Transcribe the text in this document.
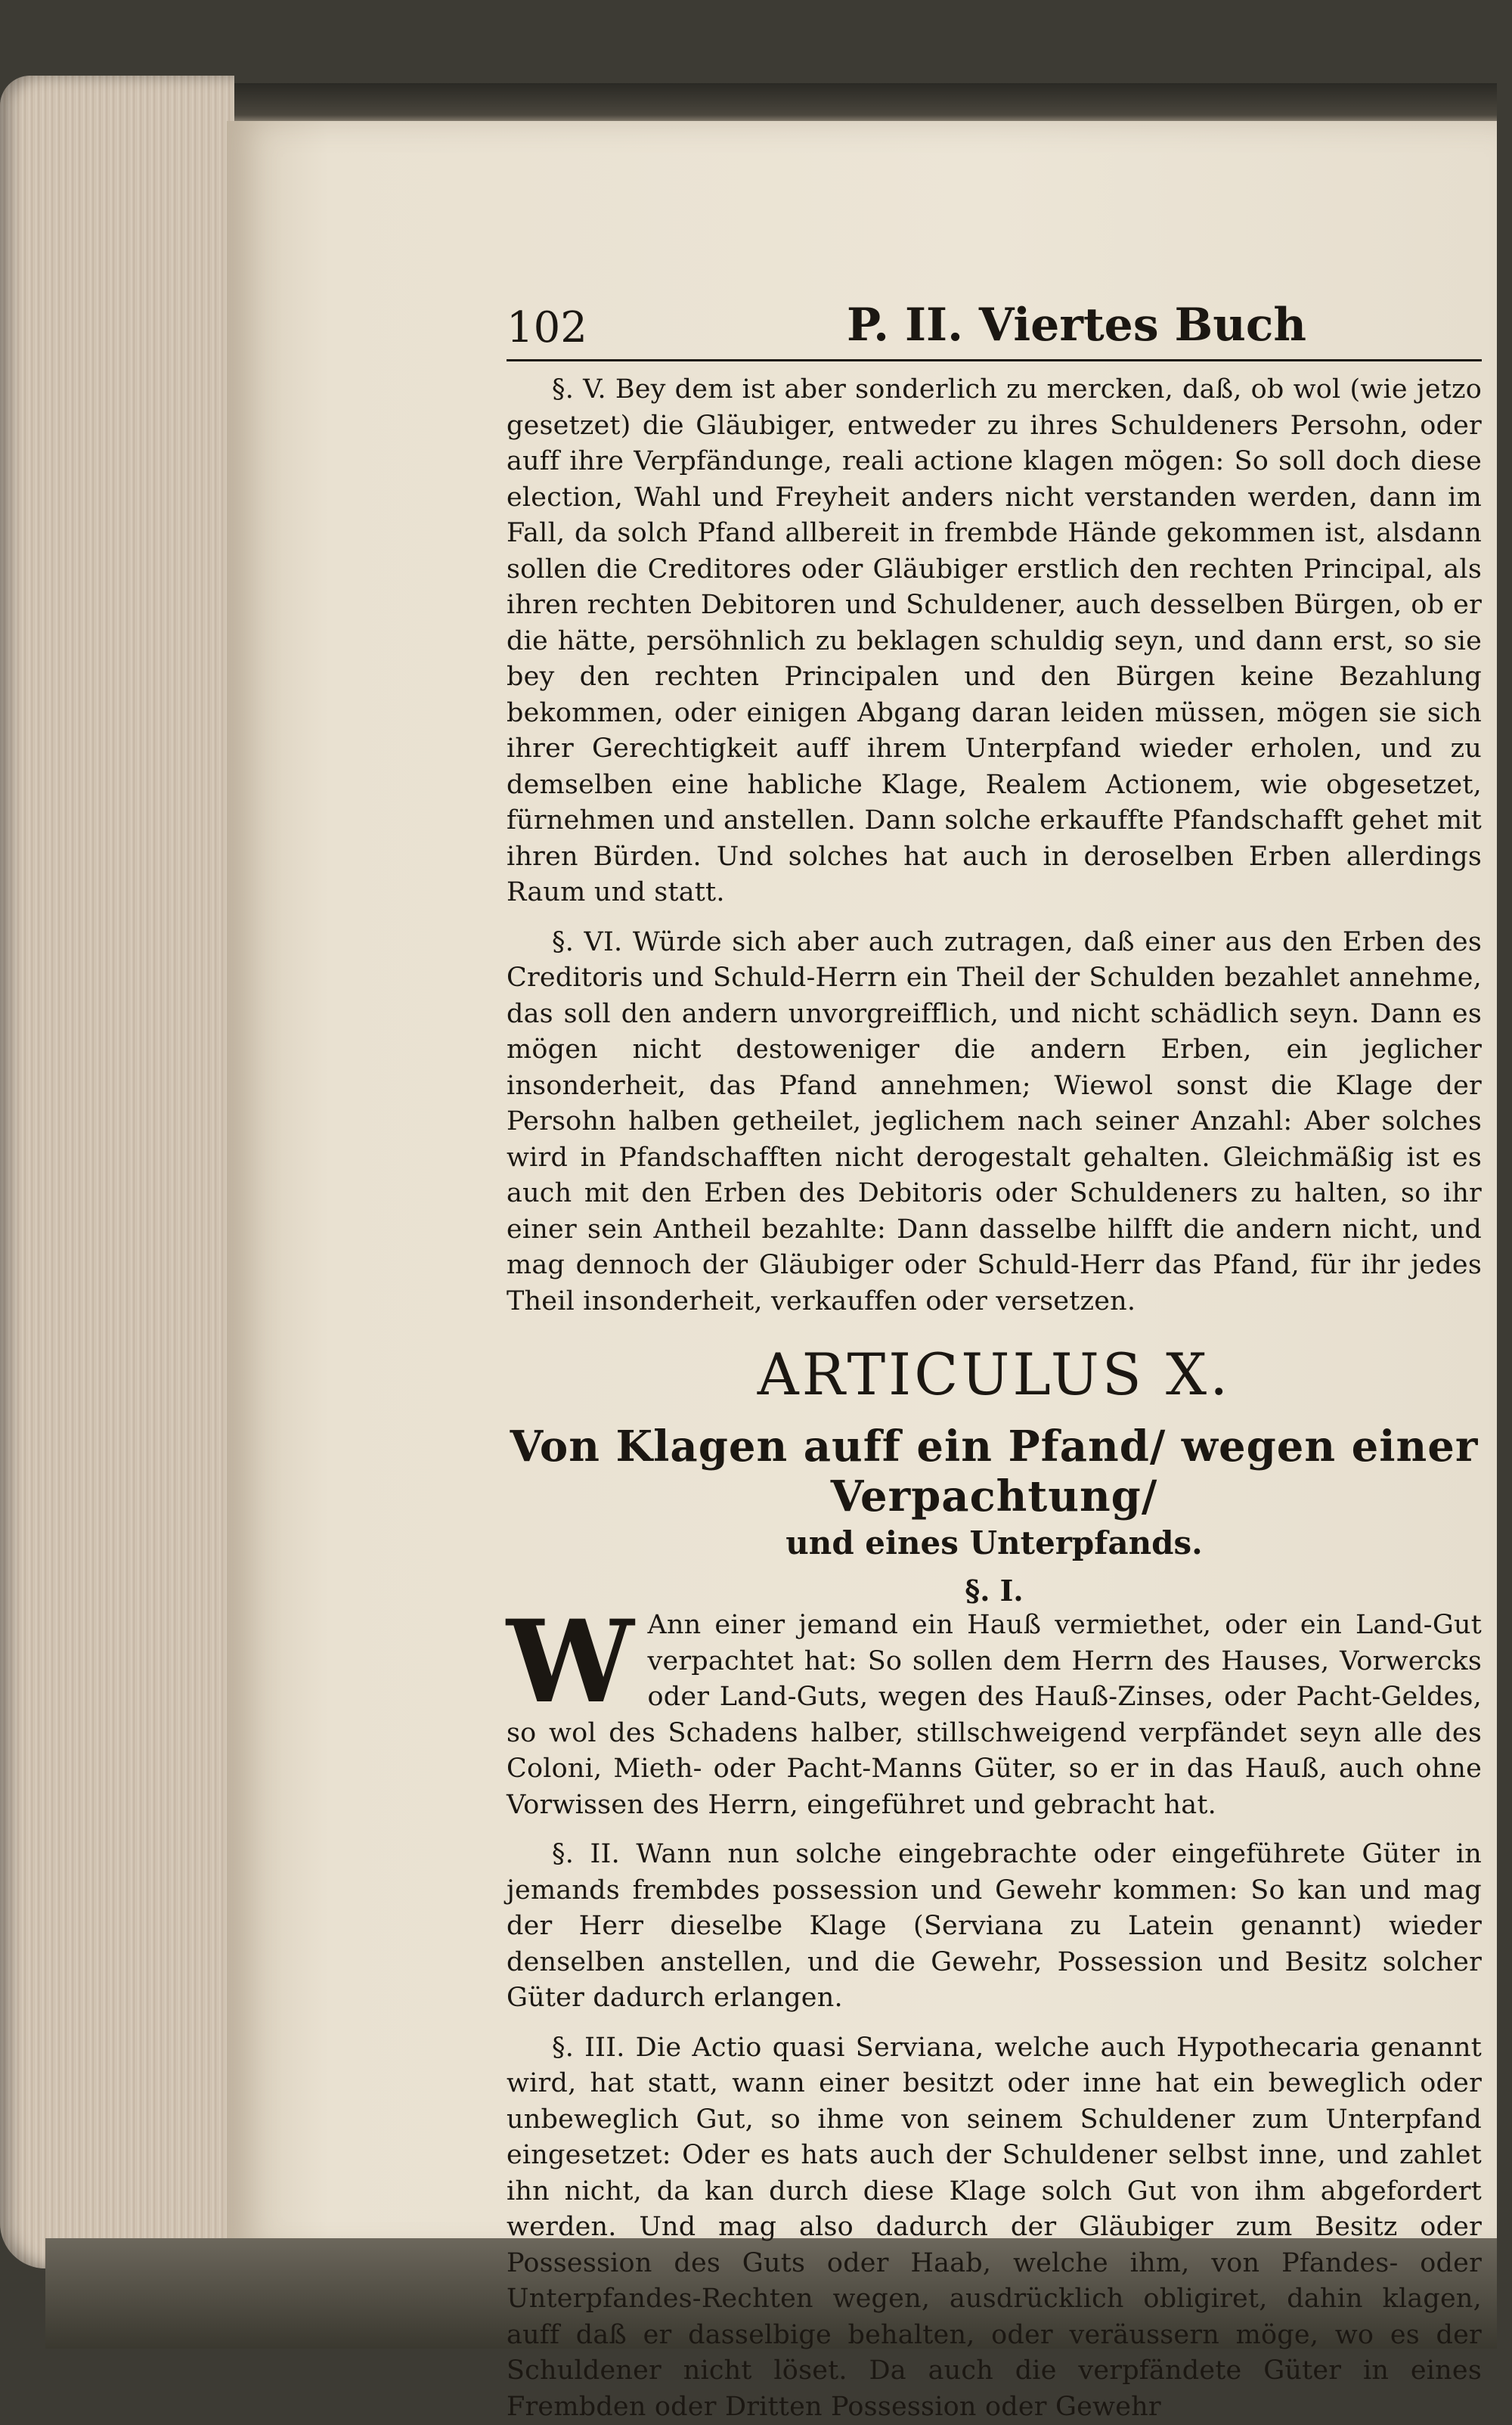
102	P. II. Viertes Buch

§. V. Bey dem ist aber sonderlich zu mercken, daß, ob wol (wie jetzo gesetzet) die Gläubiger, entweder zu ihres Schuldeners Persohn, oder auff ihre Verpfändunge, reali actione klagen mögen: So soll doch diese election, Wahl und Freyheit anders nicht verstanden werden, dann im Fall, da solch Pfand allbereit in frembde Hände gekommen ist, alsdann sollen die Creditores oder Gläubiger erstlich den rechten Principal, als ihren rechten Debitoren und Schuldener, auch desselben Bürgen, ob er die hätte, persöhnlich zu beklagen schuldig seyn, und dann erst, so sie bey den rechten Principalen und den Bürgen keine Bezahlung bekommen, oder einigen Abgang daran leiden müssen, mögen sie sich ihrer Gerechtigkeit auff ihrem Unterpfand wieder erholen, und zu demselben eine habliche Klage, Realem Actionem, wie obgesetzet, fürnehmen und anstellen. Dann solche erkauffte Pfandschafft gehet mit ihren Bürden. Und solches hat auch in deroselben Erben allerdings Raum und statt.

§. VI. Würde sich aber auch zutragen, daß einer aus den Erben des Creditoris und Schuld-Herrn ein Theil der Schulden bezahlet annehme, das soll den andern unvorgreifflich, und nicht schädlich seyn. Dann es mögen nicht destoweniger die andern Erben, ein jeglicher insonderheit, das Pfand annehmen; Wiewol sonst die Klage der Persohn halben getheilet, jeglichem nach seiner Anzahl: Aber solches wird in Pfandschafften nicht derogestalt gehalten. Gleichmäßig ist es auch mit den Erben des Debitoris oder Schuldeners zu halten, so ihr einer sein Antheil bezahlte: Dann dasselbe hilfft die andern nicht, und mag dennoch der Gläubiger oder Schuld-Herr das Pfand, für ihr jedes Theil insonderheit, verkauffen oder versetzen.

ARTICULUS X.
Von Klagen auff ein Pfand/ wegen einer Verpachtung/
und eines Unterpfands.
§. I.
W Ann einer jemand ein Hauß vermiethet, oder ein Land-Gut verpachtet hat: So sollen dem Herrn des Hauses, Vorwercks oder Land-Guts, wegen des Hauß-Zinses, oder Pacht-Geldes, so wol des Schadens halber, stillschweigend verpfändet seyn alle des Coloni, Mieth- oder Pacht-Manns Güter, so er in das Hauß, auch ohne Vorwissen des Herrn, eingeführet und gebracht hat.

§. II. Wann nun solche eingebrachte oder eingeführete Güter in jemands frembdes possession und Gewehr kommen: So kan und mag der Herr dieselbe Klage (Serviana zu Latein genannt) wieder denselben anstellen, und die Gewehr, Possession und Besitz solcher Güter dadurch erlangen.

§. III. Die Actio quasi Serviana, welche auch Hypothecaria genannt wird, hat statt, wann einer besitzt oder inne hat ein beweglich oder unbeweglich Gut, so ihme von seinem Schuldener zum Unterpfand eingesetzet: Oder es hats auch der Schuldener selbst inne, und zahlet ihn nicht, da kan durch diese Klage solch Gut von ihm abgefordert werden. Und mag also dadurch der Gläubiger zum Besitz oder Possession des Guts oder Haab, welche ihm, von Pfandes- oder Unterpfandes-Rechten wegen, ausdrücklich obligiret, dahin klagen, auff daß er dasselbige behalten, oder veräussern möge, wo es der Schuldener nicht löset. Da auch die verpfändete Güter in eines Frembden oder Dritten Possession oder Gewehr
